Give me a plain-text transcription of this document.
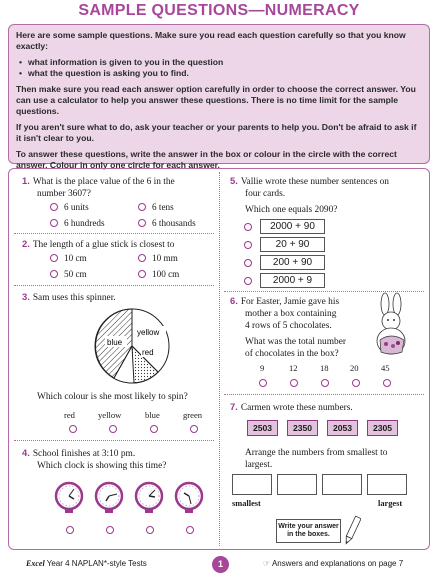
SAMPLE QUESTIONS—NUMERACY

Here are some sample questions. Make sure you read each question carefully so that you know exactly:

• what information is given to you in the question
• what the question is asking you to find.

Then make sure you read each answer option carefully in order to choose the correct answer. You can use a calculator to help you answer these questions. There is no time limit for the sample questions.

If you aren't sure what to do, ask your teacher or your parents to help you. Don't be afraid to ask if it isn't clear to you.

To answer these questions, write the answer in the box or colour in the circle with the correct answer. Colour in only one circle for each answer.

1. What is the place value of the 6 in the
number 3607?
6 units	6 tens
6 hundreds	6 thousands
2. The length of a glue stick is closest to
10 cm	10 mm
50 cm	100 cm
3. Sam uses this spinner.
yellow
blue
red
Which colour is she most likely to spin?
red	yellow	blue	green
4. School finishes at 3:10 pm.
Which clock is showing this time?
5. Vallie wrote these number sentences on
four cards.
Which one equals 2090?
2000 + 90
20 + 90
200 + 90
2000 + 9
6. For Easter, Jamie gave his
mother a box containing
4 rows of 5 chocolates.
What was the total number
of chocolates in the box?
9	12	18 20	45
7. Carmen wrote these numbers.
2503	2350	2053	2305
Arrange the numbers from smallest to
largest.
smallest	largest
Write your answer in the boxes.
Excel Year 4 NAPLAN*-style Tests	1	☞ Answers and explanations on page 7
